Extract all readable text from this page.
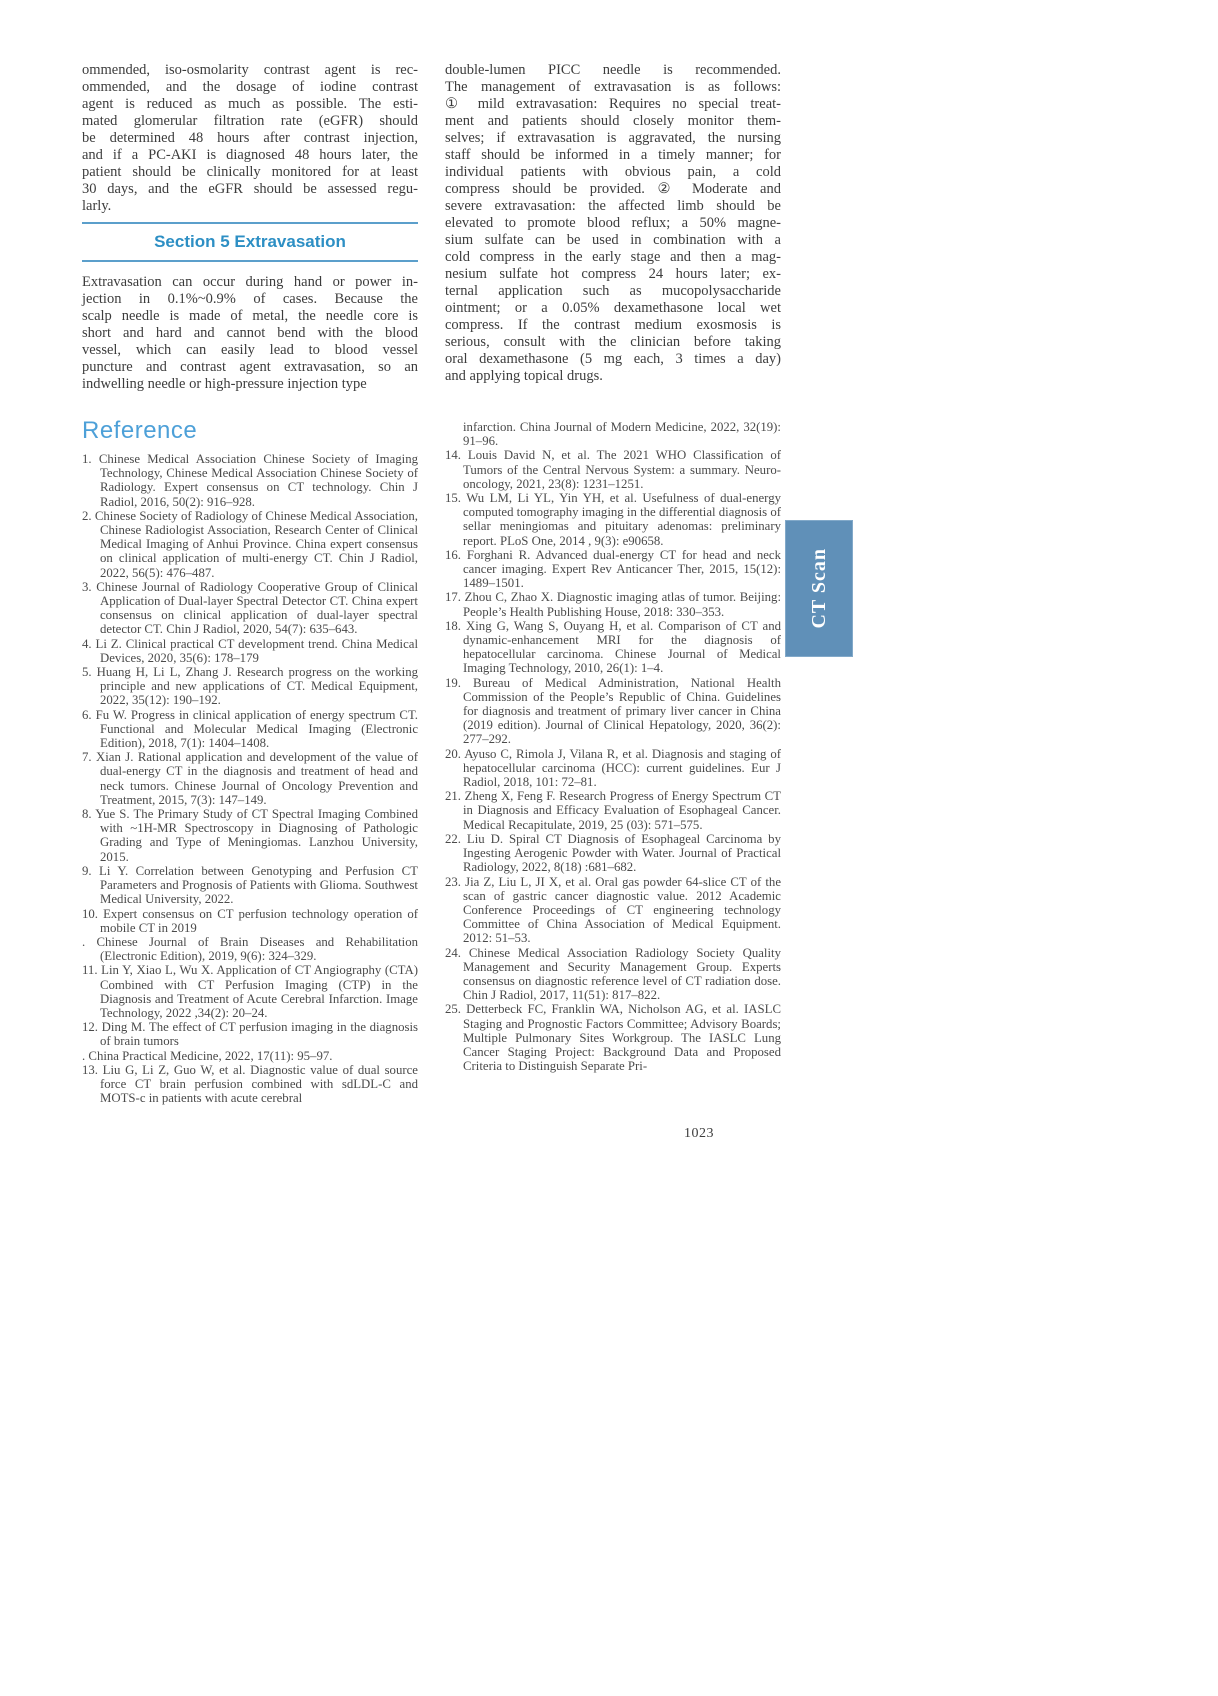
ommended, iso-osmolarity contrast agent is rec-
ommended, and the dosage of iodine contrast
agent is reduced as much as possible. The esti-
mated glomerular filtration rate (eGFR) should
be determined 48 hours after contrast injection,
and if a PC-AKI is diagnosed 48 hours later, the
patient should be clinically monitored for at least
30 days, and the eGFR should be assessed regu-
larly.
Section 5 Extravasation
Extravasation can occur during hand or power in-
jection in 0.1%~0.9% of cases. Because the
scalp needle is made of metal, the needle core is
short and hard and cannot bend with the blood
vessel, which can easily lead to blood vessel
puncture and contrast agent extravasation, so an
indwelling needle or high-pressure injection type
double-lumen PICC needle is recommended.
The management of extravasation is as follows:
① mild extravasation: Requires no special treat-
ment and patients should closely monitor them-
selves; if extravasation is aggravated, the nursing
staff should be informed in a timely manner; for
individual patients with obvious pain, a cold
compress should be provided. ② Moderate and
severe extravasation: the affected limb should be
elevated to promote blood reflux; a 50% magne-
sium sulfate can be used in combination with a
cold compress in the early stage and then a mag-
nesium sulfate hot compress 24 hours later; ex-
ternal application such as mucopolysaccharide
ointment; or a 0.05% dexamethasone local wet
compress. If the contrast medium exosmosis is
serious, consult with the clinician before taking
oral dexamethasone (5 mg each, 3 times a day)
and applying topical drugs.
Reference
1. Chinese Medical Association Chinese Society of Imaging Technology, Chinese Medical Association Chinese Society of Radiology. Expert consensus on CT technology. Chin J Radiol, 2016, 50(2): 916–928.
2. Chinese Society of Radiology of Chinese Medical Association, Chinese Radiologist Association, Research Center of Clinical Medical Imaging of Anhui Province. China expert consensus on clinical application of multi-energy CT. Chin J Radiol, 2022, 56(5): 476–487.
3. Chinese Journal of Radiology Cooperative Group of Clinical Application of Dual-layer Spectral Detector CT. China expert consensus on clinical application of dual-layer spectral detector CT. Chin J Radiol, 2020, 54(7): 635–643.
4. Li Z. Clinical practical CT development trend. China Medical Devices, 2020, 35(6): 178–179
5. Huang H, Li L, Zhang J. Research progress on the working principle and new applications of CT. Medical Equipment, 2022, 35(12): 190–192.
6. Fu W. Progress in clinical application of energy spectrum CT. Functional and Molecular Medical Imaging (Electronic Edition), 2018, 7(1): 1404–1408.
7. Xian J. Rational application and development of the value of dual-energy CT in the diagnosis and treatment of head and neck tumors. Chinese Journal of Oncology Prevention and Treatment, 2015, 7(3): 147–149.
8. Yue S. The Primary Study of CT Spectral Imaging Combined with ~1H-MR Spectroscopy in Diagnosing of Pathologic Grading and Type of Meningiomas. Lanzhou University, 2015.
9. Li Y. Correlation between Genotyping and Perfusion CT Parameters and Prognosis of Patients with Glioma. Southwest Medical University, 2022.
10. Expert consensus on CT perfusion technology operation of mobile CT in 2019
. Chinese Journal of Brain Diseases and Rehabilitation (Electronic Edition), 2019, 9(6): 324–329.
11. Lin Y, Xiao L, Wu X. Application of CT Angiography (CTA) Combined with CT Perfusion Imaging (CTP) in the Diagnosis and Treatment of Acute Cerebral Infarction. Image Technology, 2022 ,34(2): 20–24.
12. Ding M. The effect of CT perfusion imaging in the diagnosis of brain tumors
. China Practical Medicine, 2022, 17(11): 95–97.
13. Liu G, Li Z, Guo W, et al. Diagnostic value of dual source force CT brain perfusion combined with sdLDL-C and MOTS-c in patients with acute cerebral
infarction. China Journal of Modern Medicine, 2022, 32(19): 91–96.
14. Louis David N, et al. The 2021 WHO Classification of Tumors of the Central Nervous System: a summary. Neuro-oncology, 2021, 23(8): 1231–1251.
15. Wu LM, Li YL, Yin YH, et al. Usefulness of dual-energy computed tomography imaging in the differential diagnosis of sellar meningiomas and pituitary adenomas: preliminary report. PLoS One, 2014 , 9(3): e90658.
16. Forghani R. Advanced dual-energy CT for head and neck cancer imaging. Expert Rev Anticancer Ther, 2015, 15(12): 1489–1501.
17. Zhou C, Zhao X. Diagnostic imaging atlas of tumor. Beijing: People’s Health Publishing House, 2018: 330–353.
18. Xing G, Wang S, Ouyang H, et al. Comparison of CT and dynamic-enhancement MRI for the diagnosis of hepatocellular carcinoma. Chinese Journal of Medical Imaging Technology, 2010, 26(1): 1–4.
19. Bureau of Medical Administration, National Health Commission of the People’s Republic of China. Guidelines for diagnosis and treatment of primary liver cancer in China (2019 edition). Journal of Clinical Hepatology, 2020, 36(2): 277–292.
20. Ayuso C, Rimola J, Vilana R, et al. Diagnosis and staging of hepatocellular carcinoma (HCC): current guidelines. Eur J Radiol, 2018, 101: 72–81.
21. Zheng X, Feng F. Research Progress of Energy Spectrum CT in Diagnosis and Efficacy Evaluation of Esophageal Cancer. Medical Recapitulate, 2019, 25 (03): 571–575.
22. Liu D. Spiral CT Diagnosis of Esophageal Carcinoma by Ingesting Aerogenic Powder with Water. Journal of Practical Radiology, 2022, 8(18) :681–682.
23. Jia Z, Liu L, JI X, et al. Oral gas powder 64-slice CT of the scan of gastric cancer diagnostic value. 2012 Academic Conference Proceedings of CT engineering technology Committee of China Association of Medical Equipment. 2012: 51–53.
24. Chinese Medical Association Radiology Society Quality Management and Security Management Group. Experts consensus on diagnostic reference level of CT radiation dose. Chin J Radiol, 2017, 11(51): 817–822.
25. Detterbeck FC, Franklin WA, Nicholson AG, et al. IASLC Staging and Prognostic Factors Committee; Advisory Boards; Multiple Pulmonary Sites Workgroup. The IASLC Lung Cancer Staging Project: Background Data and Proposed Criteria to Distinguish Separate Pri-
1023
CT Scan
